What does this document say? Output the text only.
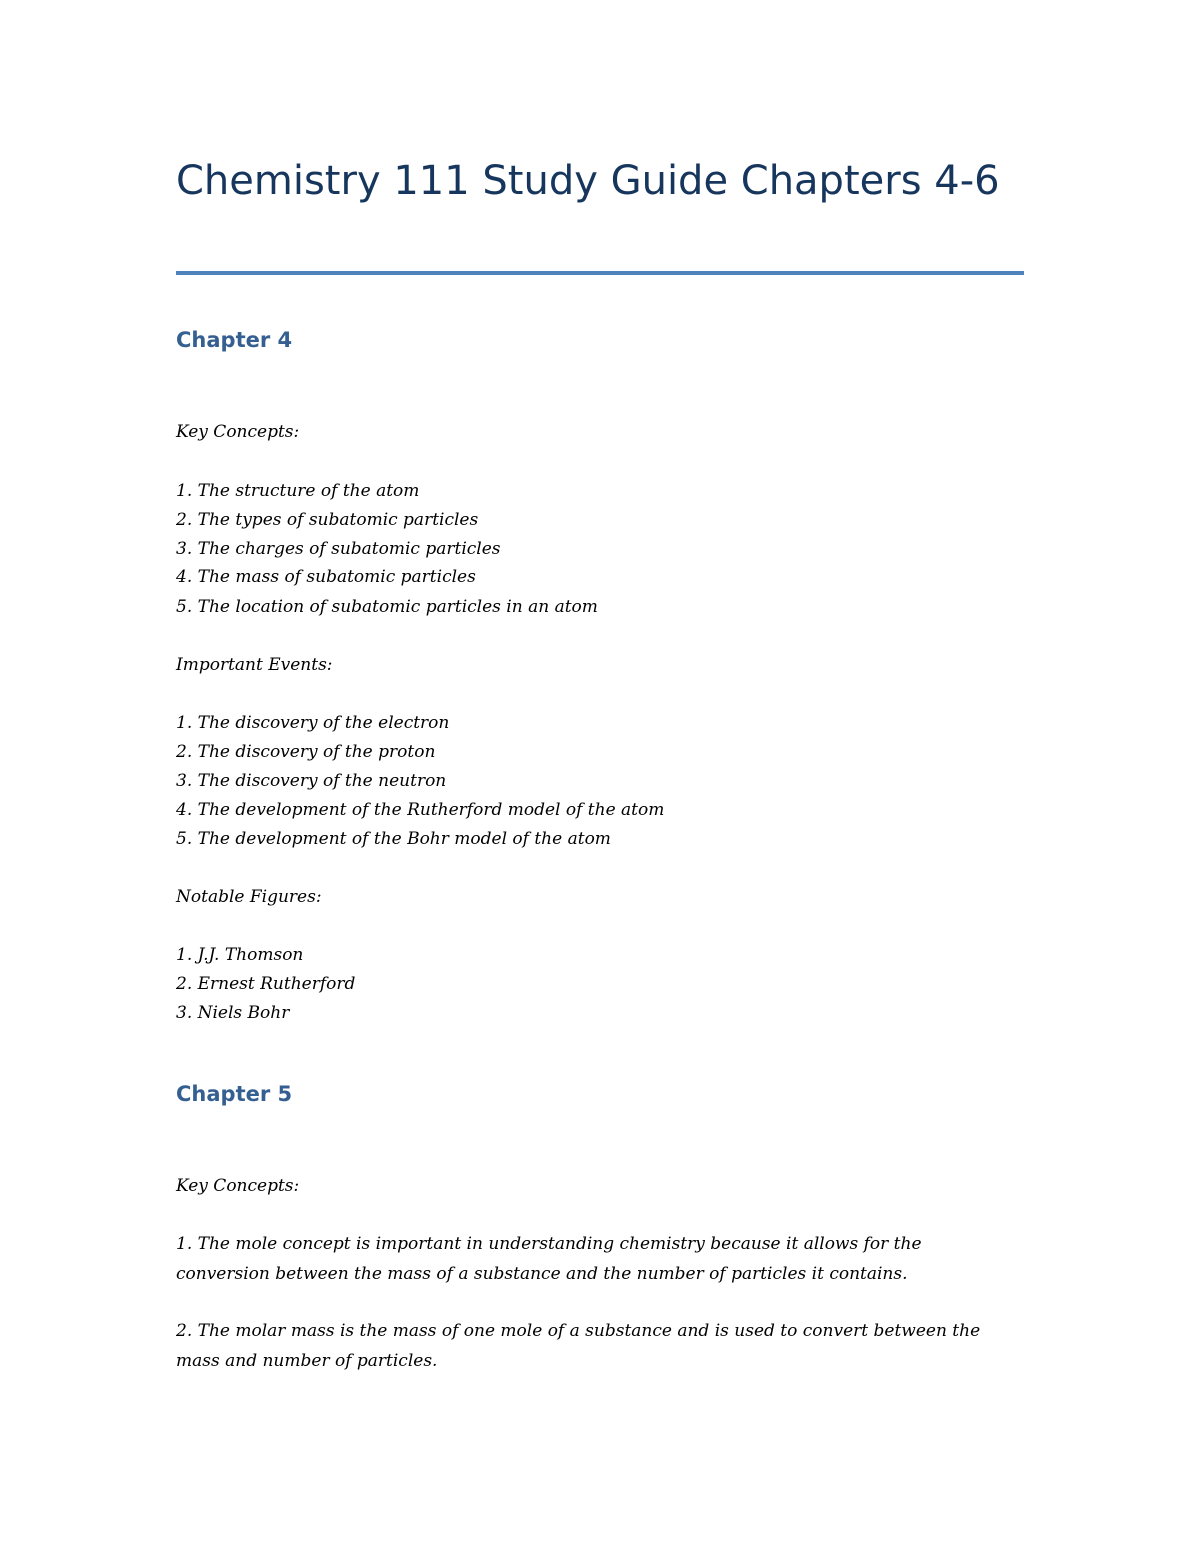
Chemistry 111 Study Guide Chapters 4-6
Chapter 4

Key Concepts:

1. The structure of the atom
2. The types of subatomic particles
3. The charges of subatomic particles
4. The mass of subatomic particles
5. The location of subatomic particles in an atom

Important Events:

1. The discovery of the electron
2. The discovery of the proton
3. The discovery of the neutron
4. The development of the Rutherford model of the atom
5. The development of the Bohr model of the atom

Notable Figures:

1. J.J. Thomson
2. Ernest Rutherford
3. Niels Bohr
Chapter 5

Key Concepts:

1. The mole concept is important in understanding chemistry because it allows for the conversion between the mass of a substance and the number of particles it contains.

2. The molar mass is the mass of one mole of a substance and is used to convert between the mass and number of particles.
